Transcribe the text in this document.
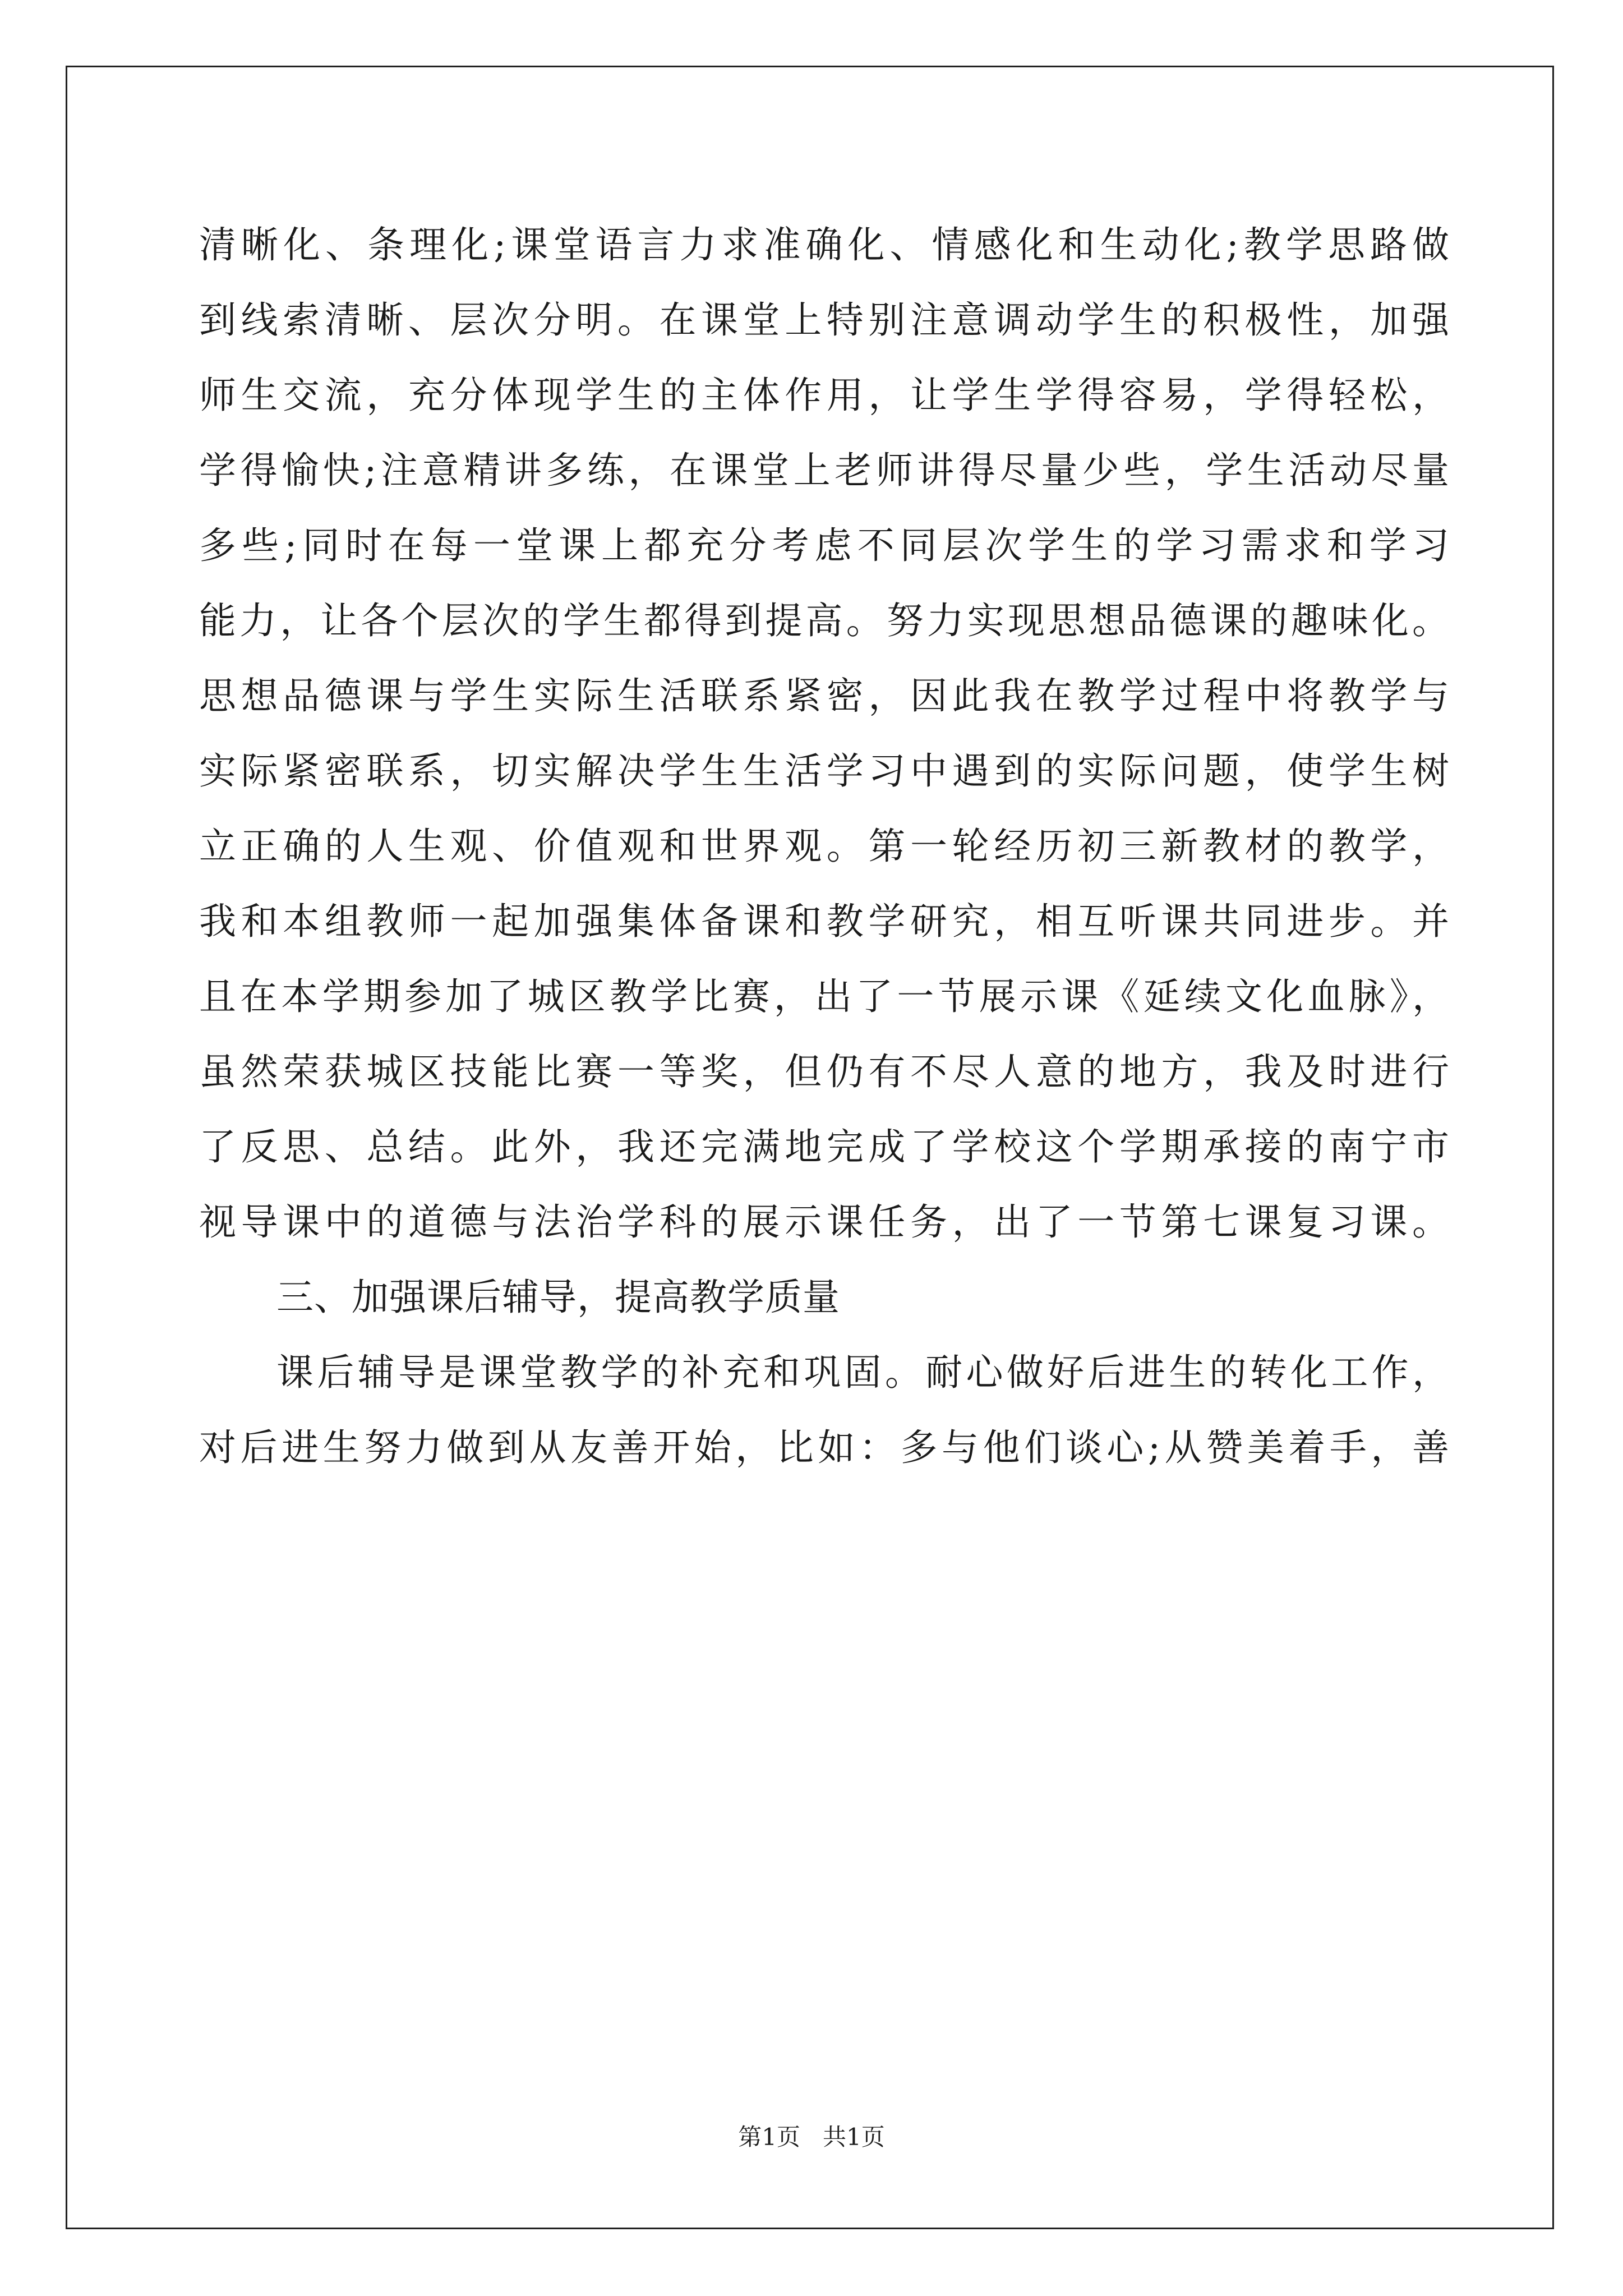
清晰化、条理化;课堂语言力求准确化、情感化和生动化;教学思路做
到线索清晰、层次分明。在课堂上特别注意调动学生的积极性，加强
师生交流，充分体现学生的主体作用，让学生学得容易，学得轻松，
学得愉快;注意精讲多练，在课堂上老师讲得尽量少些，学生活动尽量
多些;同时在每一堂课上都充分考虑不同层次学生的学习需求和学习
能力，让各个层次的学生都得到提高。努力实现思想品德课的趣味化。
思想品德课与学生实际生活联系紧密，因此我在教学过程中将教学与
实际紧密联系，切实解决学生生活学习中遇到的实际问题，使学生树
立正确的人生观、价值观和世界观。第一轮经历初三新教材的教学，
我和本组教师一起加强集体备课和教学研究，相互听课共同进步。并
且在本学期参加了城区教学比赛，出了一节展示课《延续文化血脉》，
虽然荣获城区技能比赛一等奖，但仍有不尽人意的地方，我及时进行
了反思、总结。此外，我还完满地完成了学校这个学期承接的南宁市
视导课中的道德与法治学科的展示课任务，出了一节第七课复习课。
三、加强课后辅导，提高教学质量
课后辅导是课堂教学的补充和巩固。耐心做好后进生的转化工作，
对后进生努力做到从友善开始，比如：多与他们谈心;从赞美着手，善
第1页   共1页
